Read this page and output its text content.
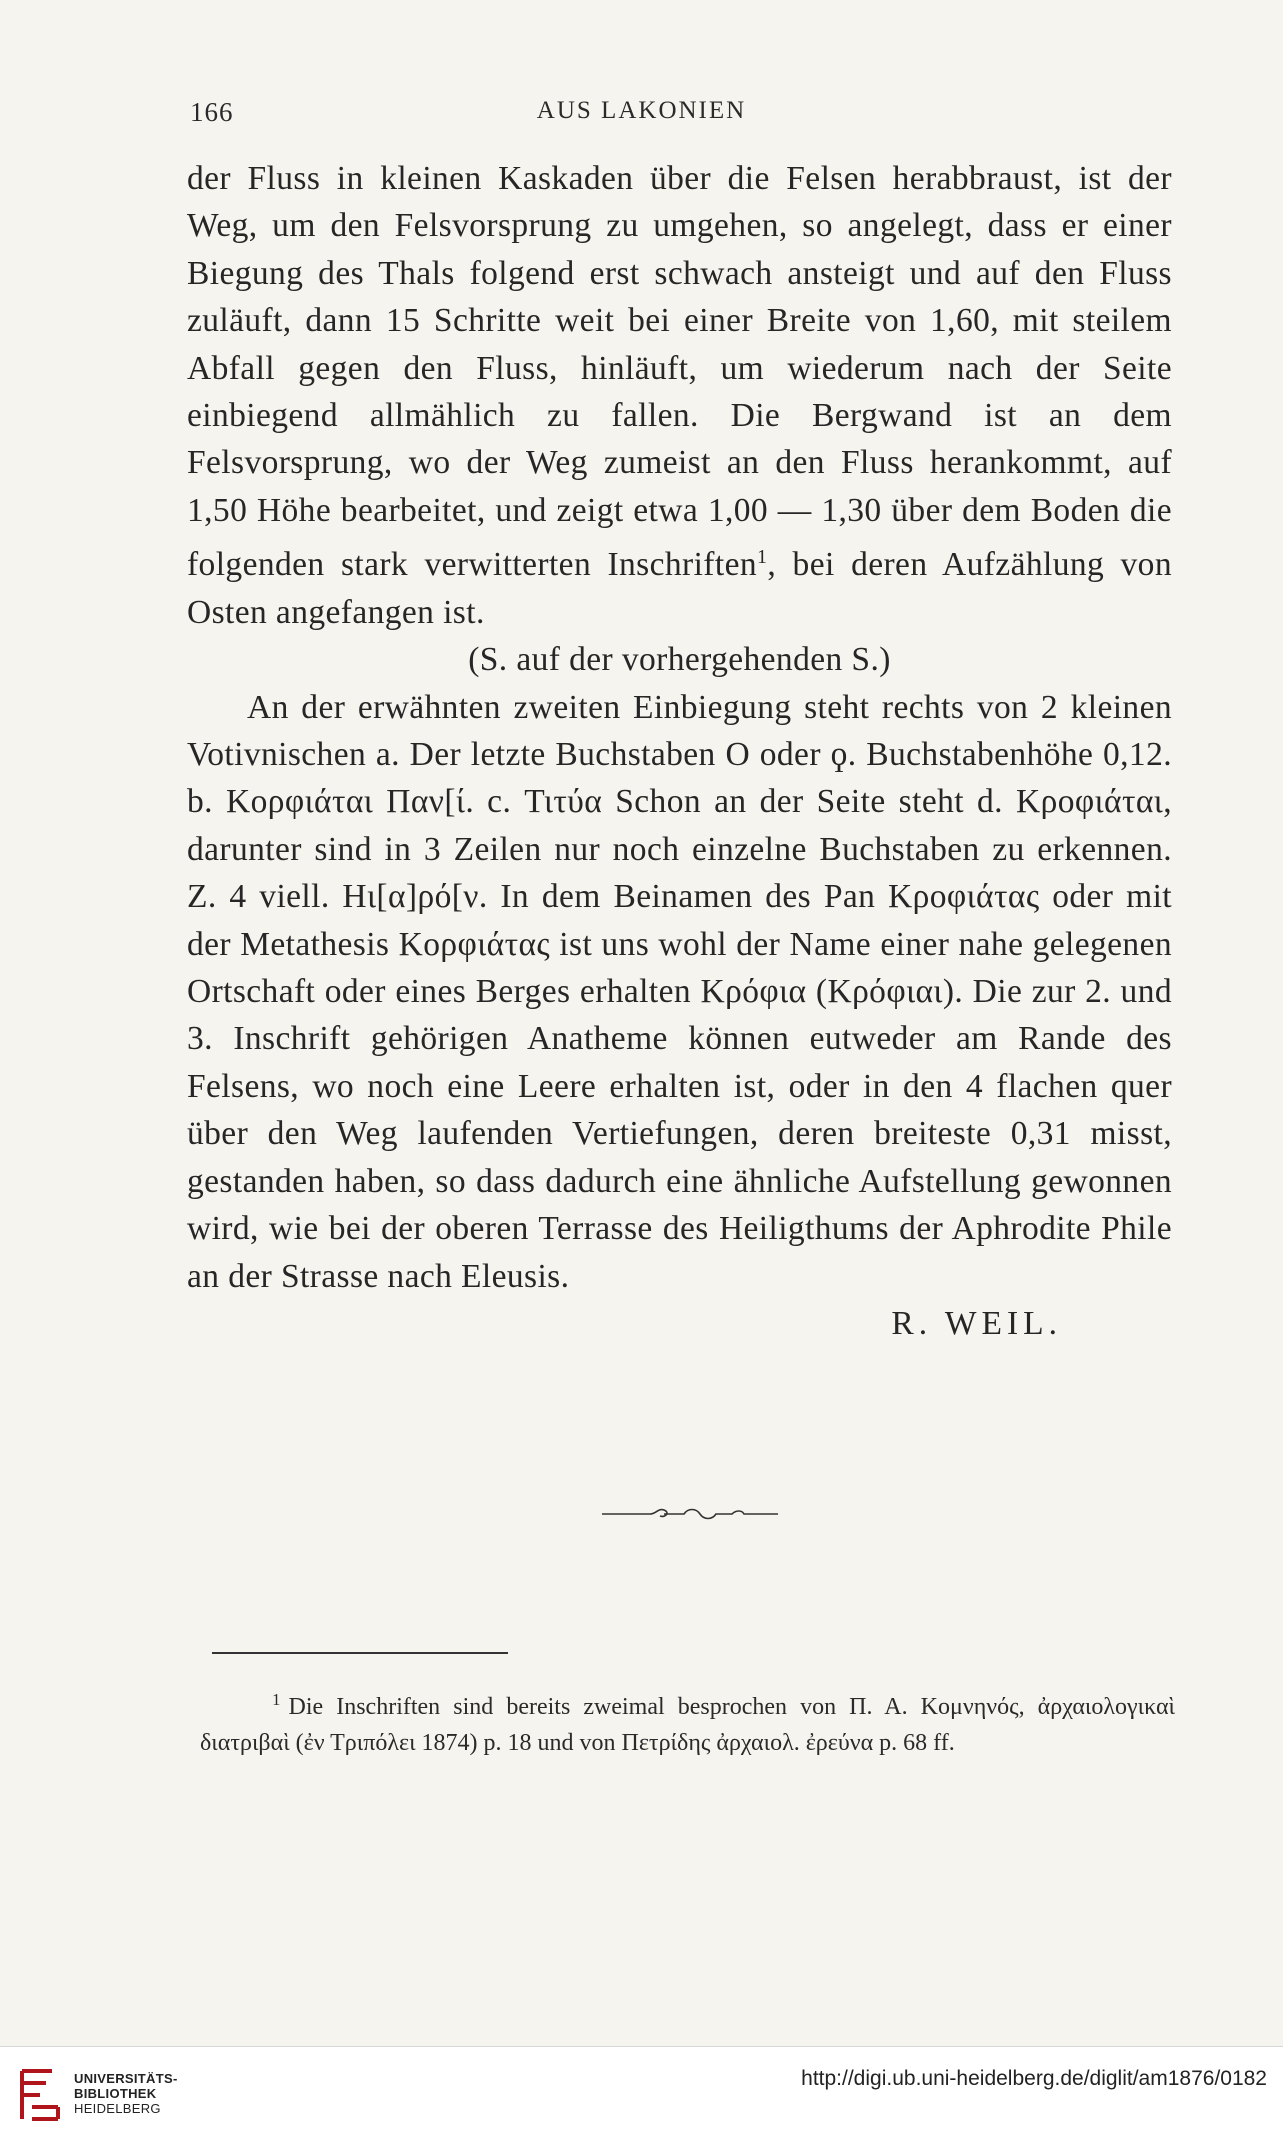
166	AUS LAKONIEN

der Fluss in kleinen Kaskaden über die Felsen herabbraust, ist der Weg, um den Felsvorsprung zu umgehen, so angelegt, dass er einer Biegung des Thals folgend erst schwach ansteigt und auf den Fluss zuläuft, dann 15 Schritte weit bei einer Breite von 1,60, mit steilem Abfall gegen den Fluss, hinläuft, um wiederum nach der Seite einbiegend allmählich zu fallen. Die Bergwand ist an dem Felsvorsprung, wo der Weg zumeist an den Fluss herankommt, auf 1,50 Höhe bearbeitet, und zeigt etwa 1,00 — 1,30 über dem Boden die folgenden stark verwitterten Inschriften$^1$, bei deren Aufzählung von Osten angefangen ist.

(S. auf der vorhergehenden S.)

An der erwähnten zweiten Einbiegung steht rechts von 2 kleinen Votivnischen a. Der letzte Buchstaben O oder ϙ. Buchstabenhöhe 0,12. b. Κορφιάται Παν[ί. c. Τιτύα Schon an der Seite steht d. Κροφιάται, darunter sind in 3 Zeilen nur noch einzelne Buchstaben zu erkennen. Z. 4 viell. Hι[α]ρό[ν. In dem Beinamen des Pan Κροφιάτας oder mit der Metathesis Κορφιάτας ist uns wohl der Name einer nahe gelegenen Ortschaft oder eines Berges erhalten Κρόφια (Κρόφιαι). Die zur 2. und 3. Inschrift gehörigen Anatheme können eutweder am Rande des Felsens, wo noch eine Leere erhalten ist, oder in den 4 flachen quer über den Weg laufenden Vertiefungen, deren breiteste 0,31 misst, gestanden haben, so dass dadurch eine ähnliche Aufstellung gewonnen wird, wie bei der oberen Terrasse des Heiligthums der Aphrodite Phile an der Strasse nach Eleusis.

R. WEIL.

$^1$ Die Inschriften sind bereits zweimal besprochen von Π. Α. Κομνηνός, ἀρχαιολογικαὶ διατριβαὶ (ἐν Τριπόλει 1874) p. 18 und von Πετρίδης ἀρχαιολ. ἐρεύνα p. 68 ff.
UNIVERSITÄTS-
BIBLIOTHEK
HEIDELBERG
http://digi.ub.uni-heidelberg.de/diglit/am1876/0182
